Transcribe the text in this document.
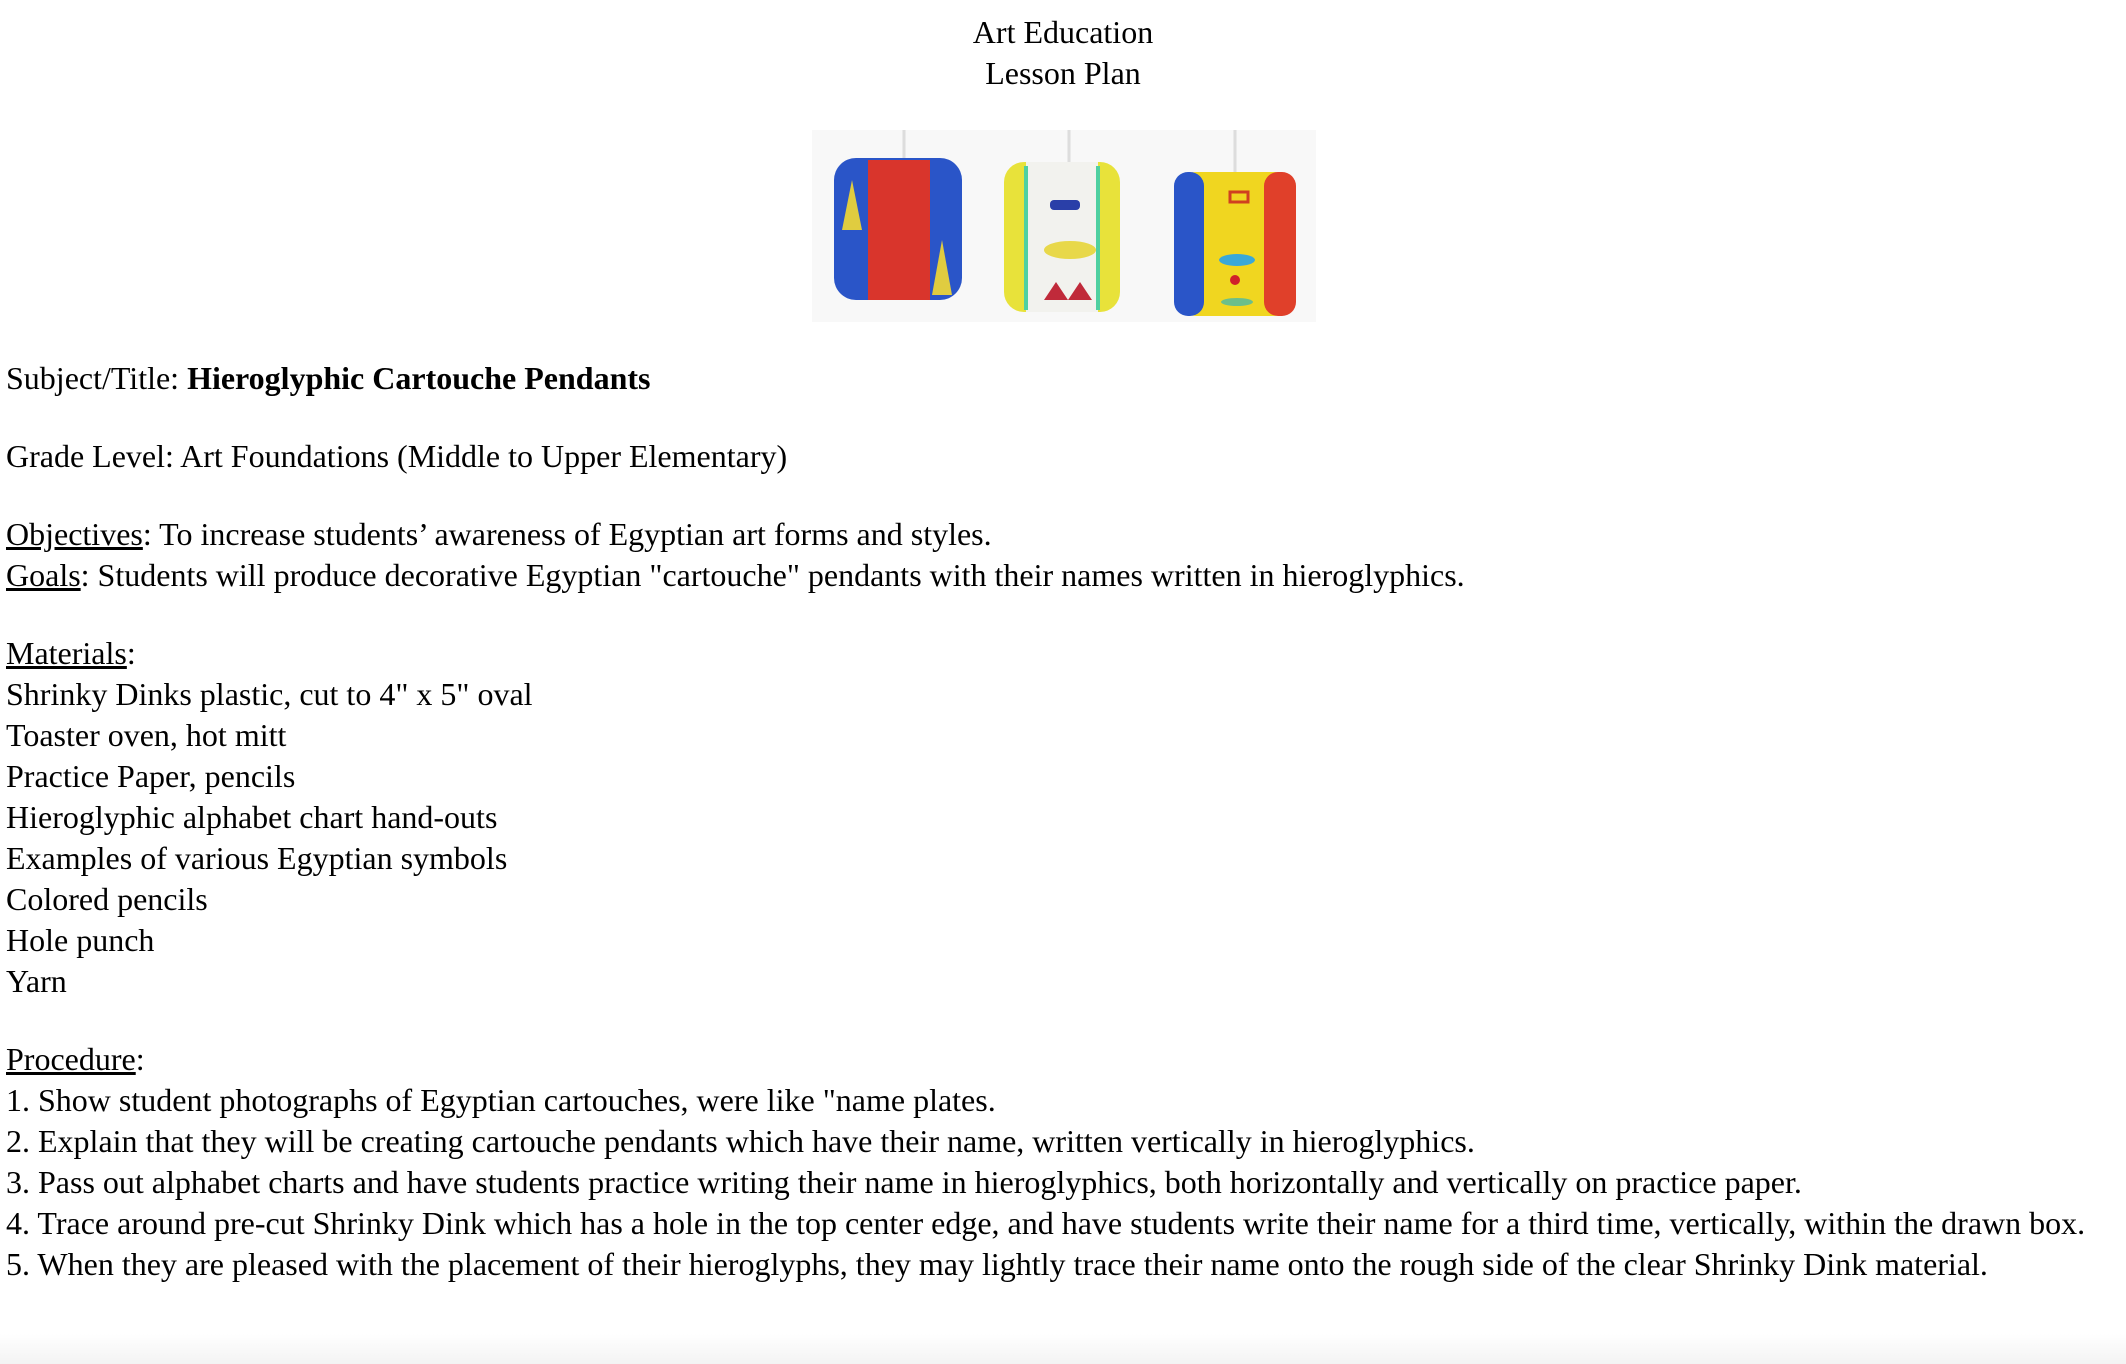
Art Education
Lesson Plan

Subject/Title: Hieroglyphic Cartouche Pendants

Grade Level: Art Foundations (Middle to Upper Elementary)

Objectives: To increase students’ awareness of Egyptian art forms and styles.
Goals: Students will produce decorative Egyptian "cartouche" pendants with their names written in hieroglyphics.
Materials:
Shrinky Dinks plastic, cut to 4" x 5" oval
Toaster oven, hot mitt
Practice Paper, pencils
Hieroglyphic alphabet chart hand-outs
Examples of various Egyptian symbols
Colored pencils
Hole punch
Yarn
Procedure:
1. Show student photographs of Egyptian cartouches, were like "name plates.
2. Explain that they will be creating cartouche pendants which have their name, written vertically in hieroglyphics.
3. Pass out alphabet charts and have students practice writing their name in hieroglyphics, both horizontally and vertically on practice paper.
4. Trace around pre-cut Shrinky Dink which has a hole in the top center edge, and have students write their name for a third time, vertically, within the drawn box.
5. When they are pleased with the placement of their hieroglyphs, they may lightly trace their name onto the rough side of the clear Shrinky Dink material.
